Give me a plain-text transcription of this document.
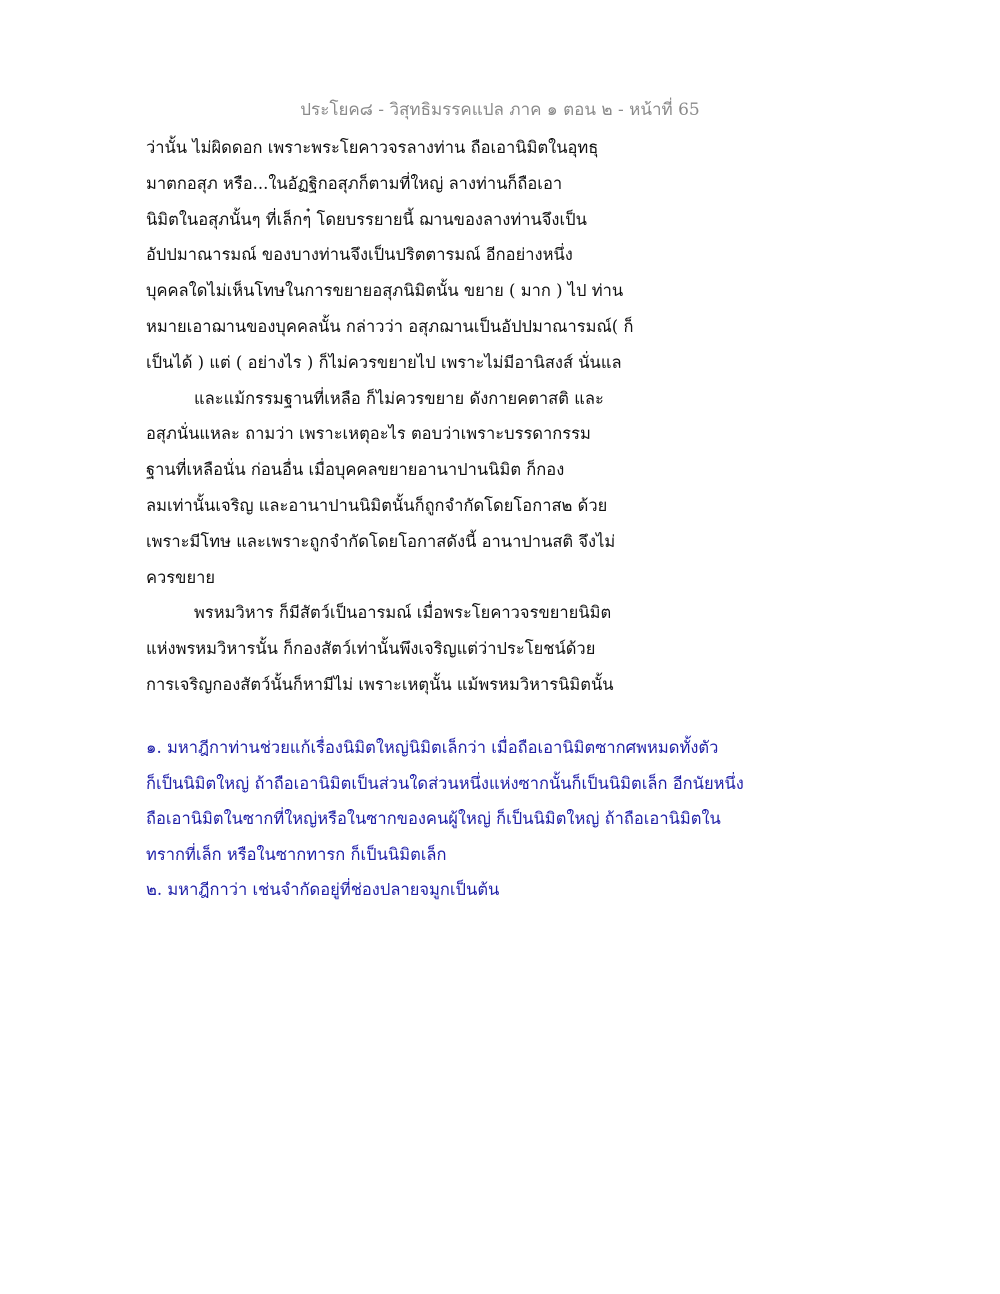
ประโยค๘ - วิสุทธิมรรคแปล ภาค ๑ ตอน ๒ - หน้าที่ 65
ว่านั้น ไม่ผิดดอก เพราะพระโยคาวจรลางท่าน ถือเอานิมิตในอุทธุ
มาตกอสุภ หรือ...ในอัฏฐิกอสุภก็ตามที่ใหญ่ ลางท่านก็ถือเอา
นิมิตในอสุภนั้นๆ ที่เล็กๆ๋ โดยบรรยายนี้ ฌานของลางท่านจึงเป็น
อัปปมาณารมณ์ ของบางท่านจึงเป็นปริตตารมณ์ อีกอย่างหนึ่ง
บุคคลใดไม่เห็นโทษในการขยายอสุภนิมิตนั้น ขยาย ( มาก ) ไป ท่าน
หมายเอาฌานของบุคคลนั้น กล่าวว่า อสุภฌานเป็นอัปปมาณารมณ์( ก็
เป็นได้ ) แต่ ( อย่างไร ) ก็ไม่ควรขยายไป เพราะไม่มีอานิสงส์ นั่นแล
และแม้กรรมฐานที่เหลือ ก็ไม่ควรขยาย ดังกายคตาสติ และ
อสุภนั่นแหละ ถามว่า เพราะเหตุอะไร ตอบว่าเพราะบรรดากรรม
ฐานที่เหลือนั่น ก่อนอื่น เมื่อบุคคลขยายอานาปานนิมิต ก็กอง
ลมเท่านั้นเจริญ และอานาปานนิมิตนั้นก็ถูกจำกัดโดยโอกาส๒ ด้วย
เพราะมีโทษ และเพราะถูกจำกัดโดยโอกาสดังนี้ อานาปานสติ จึงไม่
ควรขยาย
พรหมวิหาร ก็มีสัตว์เป็นอารมณ์ เมื่อพระโยคาวจรขยายนิมิต
แห่งพรหมวิหารนั้น ก็กองสัตว์เท่านั้นพึงเจริญแต่ว่าประโยชน์ด้วย
การเจริญกองสัตว์นั้นก็หามีไม่ เพราะเหตุนั้น แม้พรหมวิหารนิมิตนั้น
๑. มหาฎีกาท่านช่วยแก้เรื่องนิมิตใหญ่นิมิตเล็กว่า เมื่อถือเอานิมิตซากศพหมดทั้งตัว
ก็เป็นนิมิตใหญ่ ถ้าถือเอานิมิตเป็นส่วนใดส่วนหนึ่งแห่งซากนั้นก็เป็นนิมิตเล็ก อีกนัยหนึ่ง
ถือเอานิมิตในซากที่ใหญ่หรือในซากของคนผู้ใหญ่ ก็เป็นนิมิตใหญ่ ถ้าถือเอานิมิตใน
ทรากที่เล็ก หรือในซากทารก ก็เป็นนิมิตเล็ก
๒. มหาฎีกาว่า เช่นจำกัดอยู่ที่ช่องปลายจมูกเป็นต้น
